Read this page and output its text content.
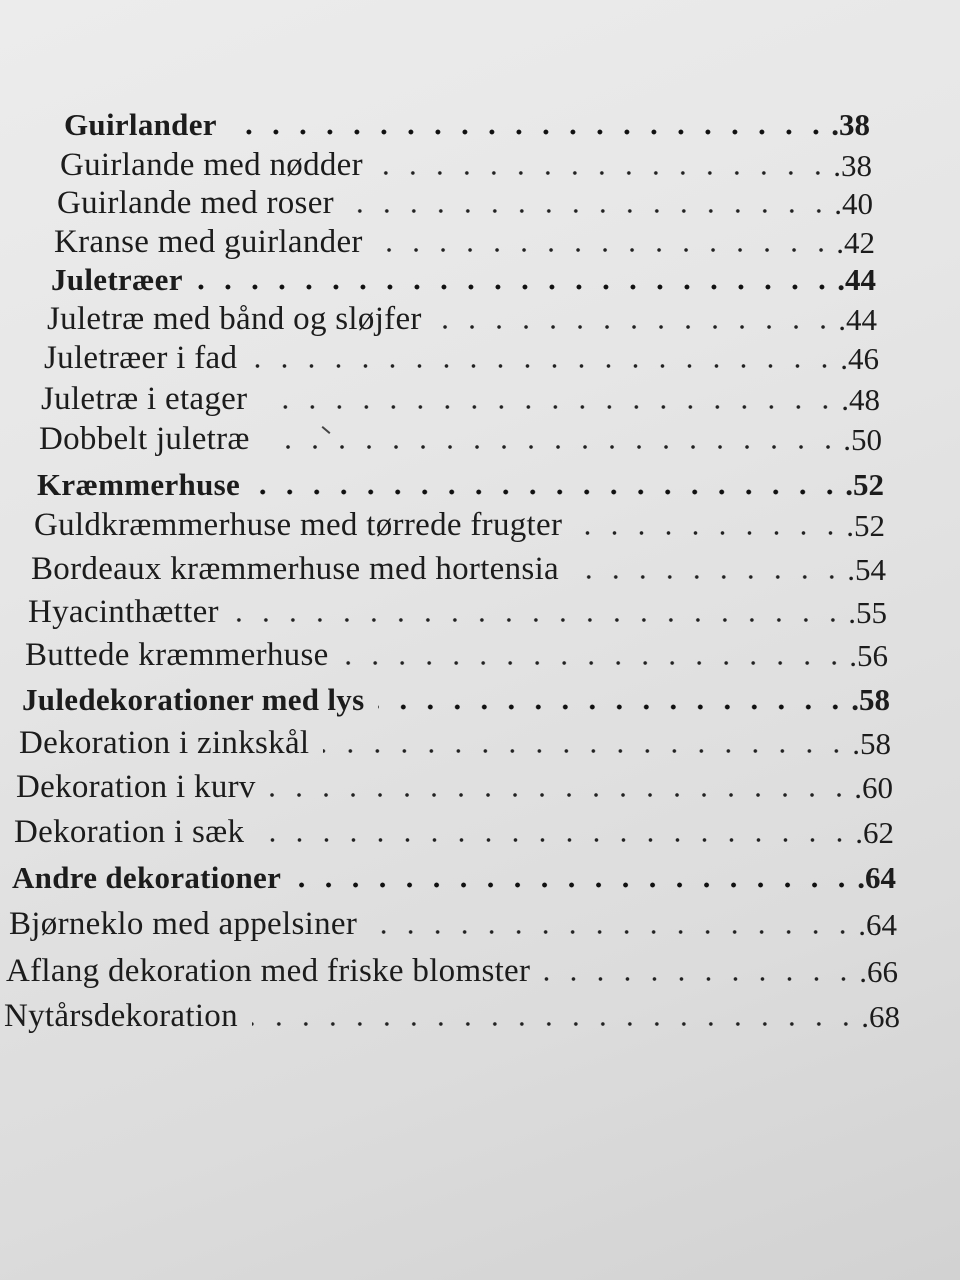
Guirlander	.38
Guirlande med nødder	.38
Guirlande med roser	.40
Kranse med guirlander	.42
Juletræer	.44
Juletræ med bånd og sløjfer	.44
Juletræer i fad	.46
Juletræ i etager	.48
Dobbelt juletræ	.50
Kræmmerhuse	.52
Guldkræmmerhuse med tørrede frugter	.52
Bordeaux kræmmerhuse med hortensia	.54
Hyacinthætter	.55
Buttede kræmmerhuse	.56
Juledekorationer med lys	.58
Dekoration i zinkskål	.58
Dekoration i kurv	.60
Dekoration i sæk	.62
Andre dekorationer	.64
Bjørneklo med appelsiner	.64
Aflang dekoration med friske blomster	.66
Nytårsdekoration	.68
